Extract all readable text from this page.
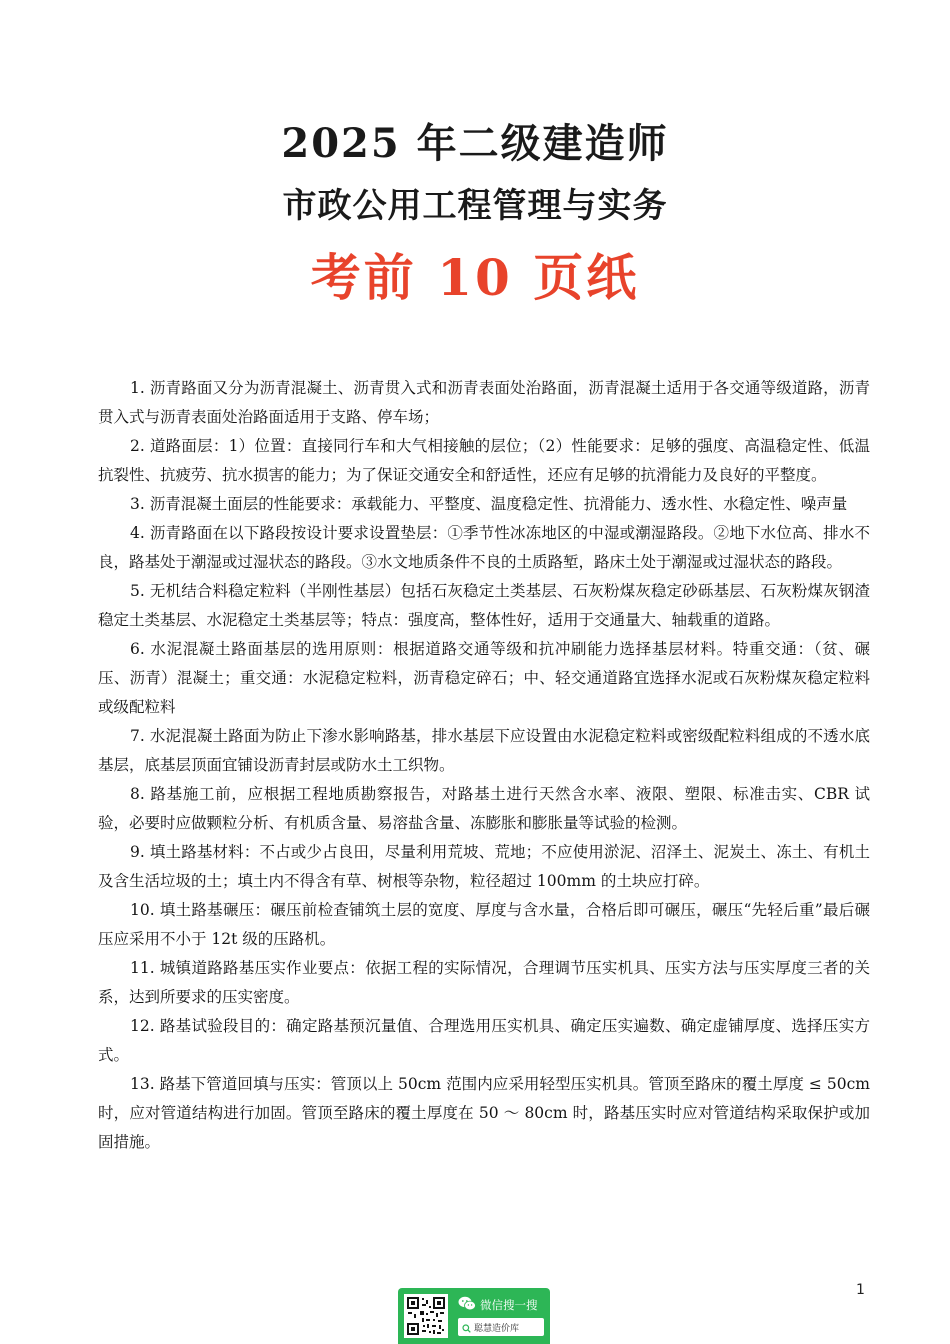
2025 年二级建造师

市政公用工程管理与实务

考前 10 页纸

1. 沥青路面又分为沥青混凝土、沥青贯入式和沥青表面处治路面，沥青混凝土适用于各交通等级道路，沥青贯入式与沥青表面处治路面适用于支路、停车场；

2. 道路面层：1）位置：直接同行车和大气相接触的层位；（2）性能要求：足够的强度、高温稳定性、低温抗裂性、抗疲劳、抗水损害的能力；为了保证交通安全和舒适性，还应有足够的抗滑能力及良好的平整度。

3. 沥青混凝土面层的性能要求：承载能力、平整度、温度稳定性、抗滑能力、透水性、水稳定性、噪声量

4. 沥青路面在以下路段按设计要求设置垫层：①季节性冰冻地区的中湿或潮湿路段。②地下水位高、排水不良，路基处于潮湿或过湿状态的路段。③水文地质条件不良的土质路堑，路床土处于潮湿或过湿状态的路段。

5. 无机结合料稳定粒料（半刚性基层）包括石灰稳定土类基层、石灰粉煤灰稳定砂砾基层、石灰粉煤灰钢渣稳定土类基层、水泥稳定土类基层等；特点：强度高，整体性好，适用于交通量大、轴载重的道路。

6. 水泥混凝土路面基层的选用原则：根据道路交通等级和抗冲刷能力选择基层材料。特重交通：（贫、碾压、沥青）混凝土；重交通：水泥稳定粒料，沥青稳定碎石；中、轻交通道路宜选择水泥或石灰粉煤灰稳定粒料或级配粒料

7. 水泥混凝土路面为防止下渗水影响路基，排水基层下应设置由水泥稳定粒料或密级配粒料组成的不透水底基层，底基层顶面宜铺设沥青封层或防水土工织物。

8. 路基施工前，应根据工程地质勘察报告，对路基土进行天然含水率、液限、塑限、标准击实、CBR 试验，必要时应做颗粒分析、有机质含量、易溶盐含量、冻膨胀和膨胀量等试验的检测。

9. 填土路基材料：不占或少占良田，尽量利用荒坡、荒地；不应使用淤泥、沼泽土、泥炭土、冻土、有机土及含生活垃圾的土；填土内不得含有草、树根等杂物，粒径超过 100mm 的土块应打碎。

10. 填土路基碾压：碾压前检查铺筑土层的宽度、厚度与含水量，合格后即可碾压，碾压“先轻后重”最后碾压应采用不小于 12t 级的压路机。

11. 城镇道路路基压实作业要点：依据工程的实际情况，合理调节压实机具、压实方法与压实厚度三者的关系，达到所要求的压实密度。

12. 路基试验段目的：确定路基预沉量值、合理选用压实机具、确定压实遍数、确定虚铺厚度、选择压实方式。

13. 路基下管道回填与压实：管顶以上 50cm 范围内应采用轻型压实机具。管顶至路床的覆土厚度 ≤ 50cm 时，应对管道结构进行加固。管顶至路床的覆土厚度在 50 ～ 80cm 时，路基压实时应对管道结构采取保护或加固措施。

1
微信搜一搜
聪慧造价库
